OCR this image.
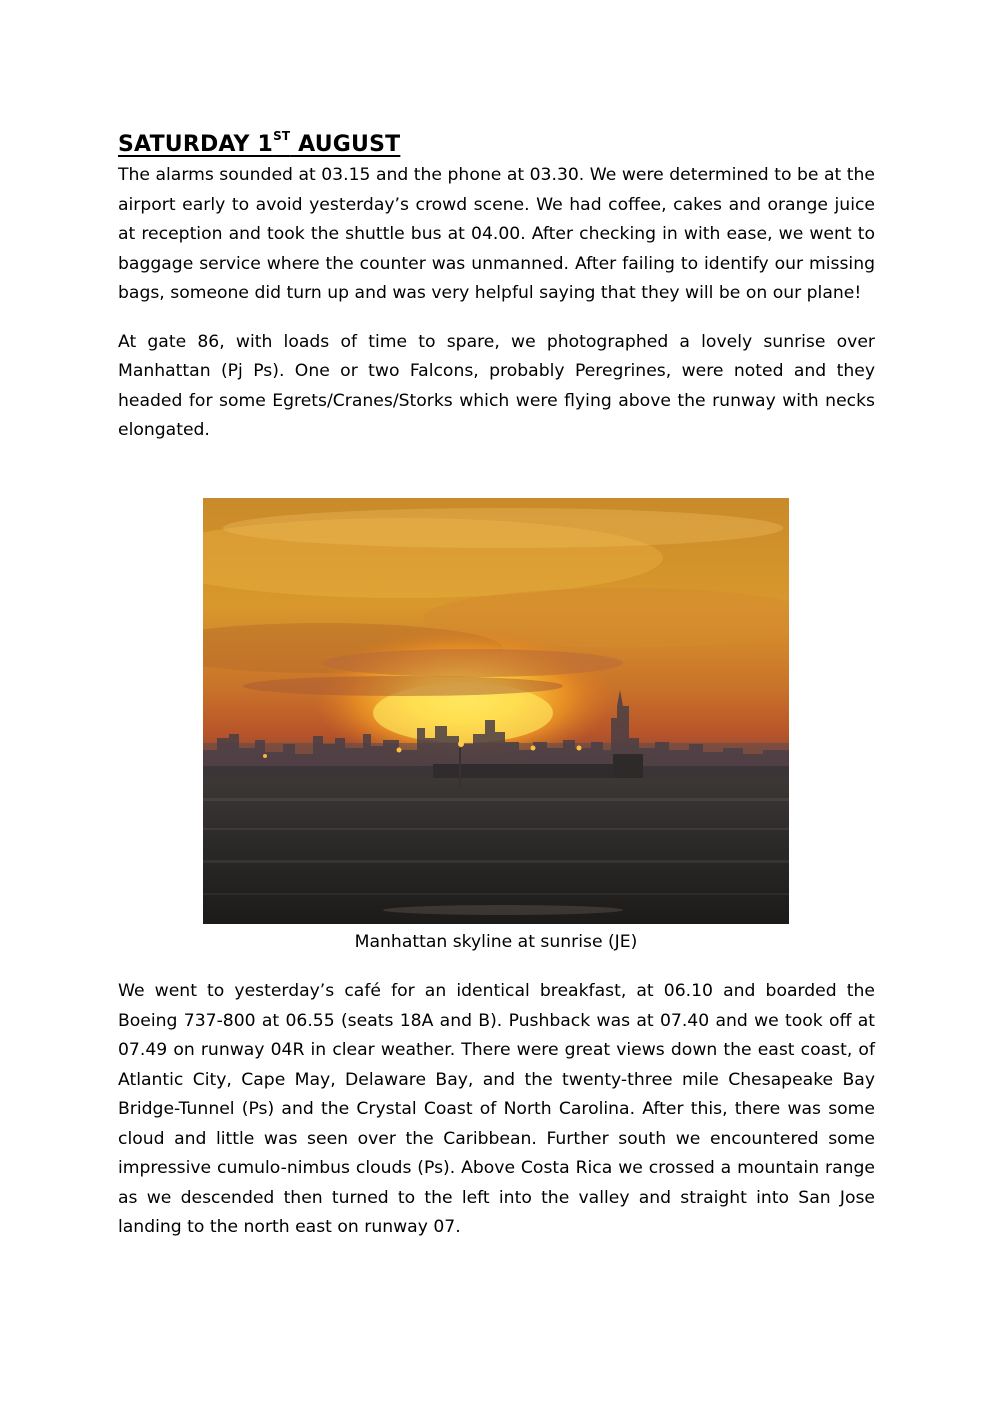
SATURDAY 1ST AUGUST

The alarms sounded at 03.15 and the phone at 03.30. We were determined to be at the airport early to avoid yesterday’s crowd scene. We had coffee, cakes and orange juice at reception and took the shuttle bus at 04.00. After checking in with ease, we went to baggage service where the counter was unmanned. After failing to identify our missing bags, someone did turn up and was very helpful saying that they will be on our plane!

At gate 86, with loads of time to spare, we photographed a lovely sunrise over Manhattan (Pj Ps). One or two Falcons, probably Peregrines, were noted and they headed for some Egrets/Cranes/Storks which were flying above the runway with necks elongated.

Manhattan skyline at sunrise (JE)

We went to yesterday’s café for an identical breakfast, at 06.10 and boarded the Boeing 737-800 at 06.55 (seats 18A and B). Pushback was at 07.40 and we took off at 07.49 on runway 04R in clear weather. There were great views down the east coast, of Atlantic City, Cape May, Delaware Bay, and the twenty-three mile Chesapeake Bay Bridge-Tunnel (Ps) and the Crystal Coast of North Carolina. After this, there was some cloud and little was seen over the Caribbean. Further south we encountered some impressive cumulo-nimbus clouds (Ps). Above Costa Rica we crossed a mountain range as we descended then turned to the left into the valley and straight into San Jose landing to the north east on runway 07.
